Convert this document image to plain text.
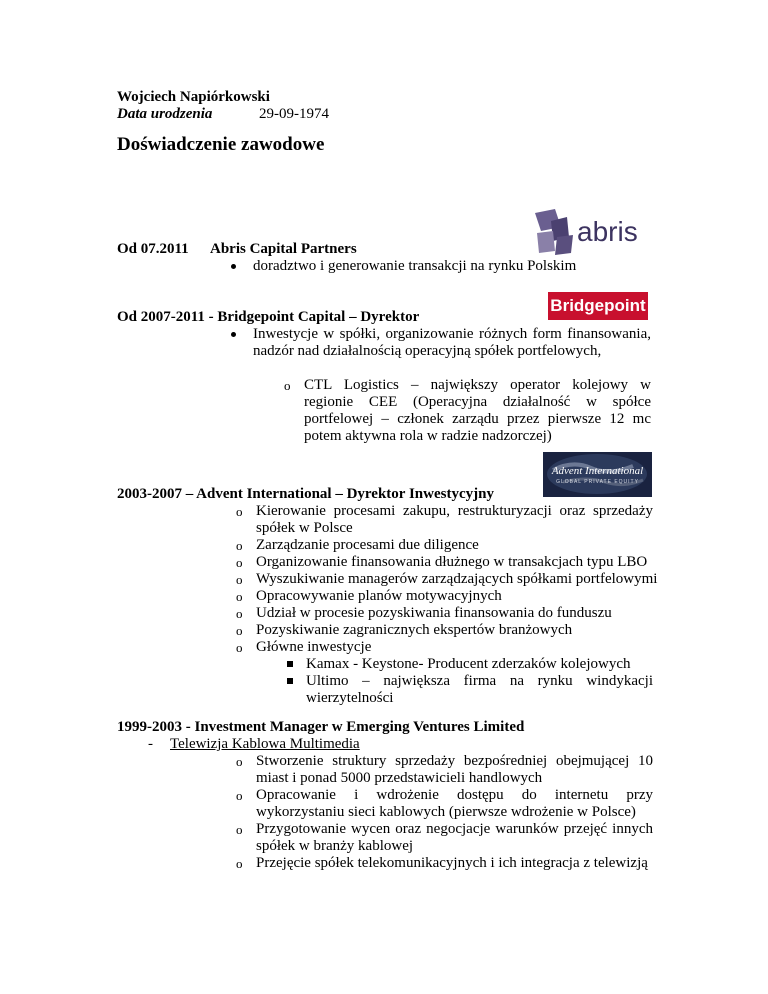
Wojciech Napiórkowski
Data urodzenia	29-09-1974
Doświadczenie zawodowe
abris
Od 07.2011 Abris Capital Partners
doradztwo i generowanie transakcji na rynku Polskim
Bridgepoint
Od 2007-2011 - Bridgepoint Capital – Dyrektor
Inwestycje w spółki, organizowanie różnych form finansowania, nadzór nad działalnością operacyjną spółek portfelowych,
o CTL Logistics – największy operator kolejowy w regionie CEE (Operacyjna działalność w spółce portfelowej – członek zarządu przez pierwsze 12 mc potem aktywna rola w radzie nadzorczej)
Advent International
GLOBAL PRIVATE EQUITY
2003-2007 – Advent International – Dyrektor Inwestycyjny
o Kierowanie procesami zakupu, restrukturyzacji oraz sprzedaży spółek w Polsce
o Zarządzanie procesami due diligence
o Organizowanie finansowania dłużnego w transakcjach typu LBO
o Wyszukiwanie managerów zarządzających spółkami portfelowymi
o Opracowywanie planów motywacyjnych
o Udział w procesie pozyskiwania finansowania do funduszu
o Pozyskiwanie zagranicznych ekspertów branżowych
o Główne inwestycje
Kamax - Keystone- Producent zderzaków kolejowych
Ultimo – największa firma na rynku windykacji wierzytelności
1999-2003 - Investment Manager w Emerging Ventures Limited
- Telewizja Kablowa Multimedia
o Stworzenie struktury sprzedaży bezpośredniej obejmującej 10 miast i ponad 5000 przedstawicieli handlowych
o Opracowanie i wdrożenie dostępu do internetu przy wykorzystaniu sieci kablowych (pierwsze wdrożenie w Polsce)
o Przygotowanie wycen oraz negocjacje warunków przejęć innych spółek w branży kablowej
o Przejęcie spółek telekomunikacyjnych i ich integracja z telewizją
